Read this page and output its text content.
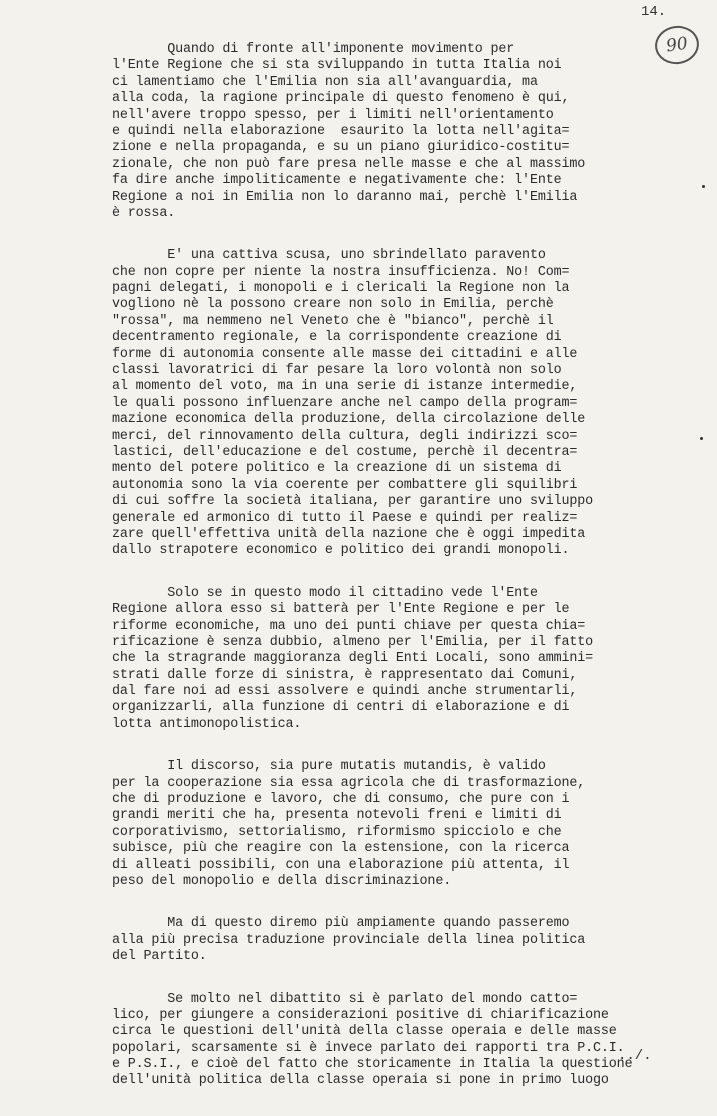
14.
90
Quando di fronte all'imponente movimento per
l'Ente Regione che si sta sviluppando in tutta Italia noi
ci lamentiamo che l'Emilia non sia all'avanguardia, ma
alla coda, la ragione principale di questo fenomeno è qui,
nell'avere troppo spesso, per i limiti nell'orientamento
e quindi nella elaborazione  esaurito la lotta nell'agita=
zione e nella propaganda, e su un piano giuridico-costitu=
zionale, che non può fare presa nelle masse e che al massimo
fa dire anche impoliticamente e negativamente che: l'Ente
Regione a noi in Emilia non lo daranno mai, perchè l'Emilia
è rossa.
E' una cattiva scusa, uno sbrindellato paravento
che non copre per niente la nostra insufficienza. No! Com=
pagni delegati, i monopoli e i clericali la Regione non la
vogliono nè la possono creare non solo in Emilia, perchè
"rossa", ma nemmeno nel Veneto che è "bianco", perchè il
decentramento regionale, e la corrispondente creazione di
forme di autonomia consente alle masse dei cittadini e alle
classi lavoratrici di far pesare la loro volontà non solo
al momento del voto, ma in una serie di istanze intermedie,
le quali possono influenzare anche nel campo della program=
mazione economica della produzione, della circolazione delle
merci, del rinnovamento della cultura, degli indirizzi sco=
lastici, dell'educazione e del costume, perchè il decentra=
mento del potere politico e la creazione di un sistema di
autonomia sono la via coerente per combattere gli squilibri
di cui soffre la società italiana, per garantire uno sviluppo
generale ed armonico di tutto il Paese e quindi per realiz=
zare quell'effettiva unità della nazione che è oggi impedita
dallo strapotere economico e politico dei grandi monopoli.
Solo se in questo modo il cittadino vede l'Ente
Regione allora esso si batterà per l'Ente Regione e per le
riforme economiche, ma uno dei punti chiave per questa chia=
rificazione è senza dubbio, almeno per l'Emilia, per il fatto
che la stragrande maggioranza degli Enti Locali, sono ammini=
strati dalle forze di sinistra, è rappresentato dai Comuni,
dal fare noi ad essi assolvere e quindi anche strumentarli,
organizzarli, alla funzione di centri di elaborazione e di
lotta antimonopolistica.
Il discorso, sia pure mutatis mutandis, è valido
per la cooperazione sia essa agricola che di trasformazione,
che di produzione e lavoro, che di consumo, che pure con i
grandi meriti che ha, presenta notevoli freni e limiti di
corporativismo, settorialismo, riformismo spicciolo e che
subisce, più che reagire con la estensione, con la ricerca
di alleati possibili, con una elaborazione più attenta, il
peso del monopolio e della discriminazione.
Ma di questo diremo più ampiamente quando passeremo
alla più precisa traduzione provinciale della linea politica
del Partito.
Se molto nel dibattito si è parlato del mondo catto=
lico, per giungere a considerazioni positive di chiarificazione
circa le questioni dell'unità della classe operaia e delle masse
popolari, scarsamente si è invece parlato dei rapporti tra P.C.I.
e P.S.I., e cioè del fatto che storicamente in Italia la questione
dell'unità politica della classe operaia si pone in primo luogo
../.
